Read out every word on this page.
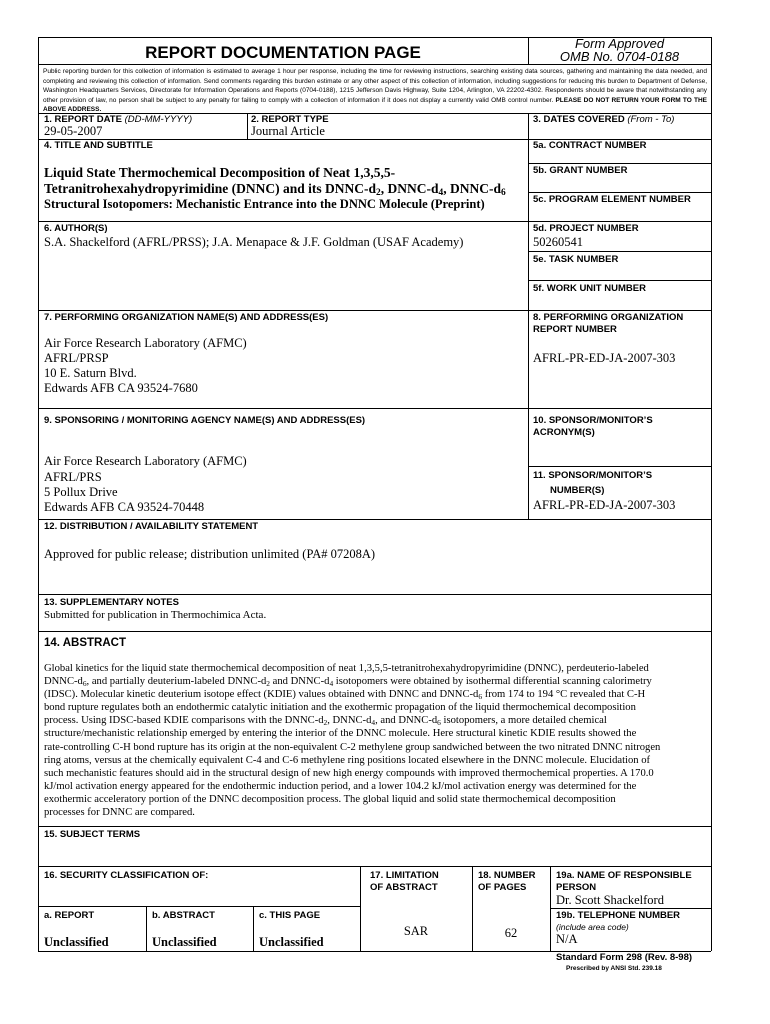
Form Approved
OMB No. 0704-0188
REPORT DOCUMENTATION PAGE
Public reporting burden for this collection of information is estimated to average 1 hour per response, including the time for reviewing instructions, searching existing data sources, gathering and maintaining the data needed, and completing and reviewing this collection of information. Send comments regarding this burden estimate or any other aspect of this collection of information, including suggestions for reducing this burden to Department of Defense, Washington Headquarters Services, Directorate for Information Operations and Reports (0704-0188), 1215 Jefferson Davis Highway, Suite 1204, Arlington, VA 22202-4302. Respondents should be aware that notwithstanding any other provision of law, no person shall be subject to any penalty for failing to comply with a collection of information if it does not display a currently valid OMB control number. PLEASE DO NOT RETURN YOUR FORM TO THE ABOVE ADDRESS.
1. REPORT DATE (DD-MM-YYYY)
29-05-2007
2. REPORT TYPE
Journal Article
3. DATES COVERED (From - To)
4. TITLE AND SUBTITLE
Liquid State Thermochemical Decomposition of Neat 1,3,5,5-
Tetranitrohexahydropyrimidine (DNNC) and its DNNC-$d_2$, DNNC-$d_4$, DNNC-$d_6$
Structural Isotopomers: Mechanistic Entrance into the DNNC Molecule (Preprint)
5a. CONTRACT NUMBER
5b. GRANT NUMBER
5c. PROGRAM ELEMENT NUMBER
6. AUTHOR(S)
S.A. Shackelford (AFRL/PRSS); J.A. Menapace & J.F. Goldman (USAF Academy)
5d. PROJECT NUMBER
50260541
5e. TASK NUMBER
5f. WORK UNIT NUMBER
7. PERFORMING ORGANIZATION NAME(S) AND ADDRESS(ES)
Air Force Research Laboratory (AFMC)
AFRL/PRSP
10 E. Saturn Blvd.
Edwards AFB CA 93524-7680
8. PERFORMING ORGANIZATION
REPORT NUMBER
AFRL-PR-ED-JA-2007-303
9. SPONSORING / MONITORING AGENCY NAME(S) AND ADDRESS(ES)
Air Force Research Laboratory (AFMC)
AFRL/PRS
5 Pollux Drive
Edwards AFB CA 93524-70448
10. SPONSOR/MONITOR’S
ACRONYM(S)
11. SPONSOR/MONITOR’S
NUMBER(S)
AFRL-PR-ED-JA-2007-303
12. DISTRIBUTION / AVAILABILITY STATEMENT
Approved for public release; distribution unlimited (PA# 07208A)
13. SUPPLEMENTARY NOTES
Submitted for publication in Thermochimica Acta.
14. ABSTRACT
Global kinetics for the liquid state thermochemical decomposition of neat 1,3,5,5-tetranitrohexahydropyrimidine (DNNC), perdeuterio-labeled
DNNC-$d_6$, and partially deuterium-labeled DNNC-$d_2$ and DNNC-$d_4$ isotopomers were obtained by isothermal differential scanning calorimetry
(IDSC). Molecular kinetic deuterium isotope effect (KDIE) values obtained with DNNC and DNNC-$d_6$ from 174 to 194 °C revealed that C-H
bond rupture regulates both an endothermic catalytic initiation and the exothermic propagation of the liquid thermochemical decomposition
process. Using IDSC-based KDIE comparisons with the DNNC-$d_2$, DNNC-$d_4$, and DNNC-$d_6$ isotopomers, a more detailed chemical
structure/mechanistic relationship emerged by entering the interior of the DNNC molecule. Here structural kinetic KDIE results showed the
rate-controlling C-H bond rupture has its origin at the non-equivalent C-2 methylene group sandwiched between the two nitrated DNNC nitrogen
ring atoms, versus at the chemically equivalent C-4 and C-6 methylene ring positions located elsewhere in the DNNC molecule. Elucidation of
such mechanistic features should aid in the structural design of new high energy compounds with improved thermochemical properties. A 170.0
kJ/mol activation energy appeared for the endothermic induction period, and a lower 104.2 kJ/mol activation energy was determined for the
exothermic acceleratory portion of the DNNC decomposition process. The global liquid and solid state thermochemical decomposition
processes for DNNC are compared.
15. SUBJECT TERMS
16. SECURITY CLASSIFICATION OF:	17. LIMITATION
OF ABSTRACT
18. NUMBER
OF PAGES
19a. NAME OF RESPONSIBLE
PERSON
Dr. Scott Shackelford
a. REPORT
Unclassified
b. ABSTRACT
Unclassified
c. THIS PAGE
Unclassified
SAR	62
19b. TELEPHONE NUMBER
(include area code)
N/A
Standard Form 298 (Rev. 8-98)
Prescribed by ANSI Std. 239.18
